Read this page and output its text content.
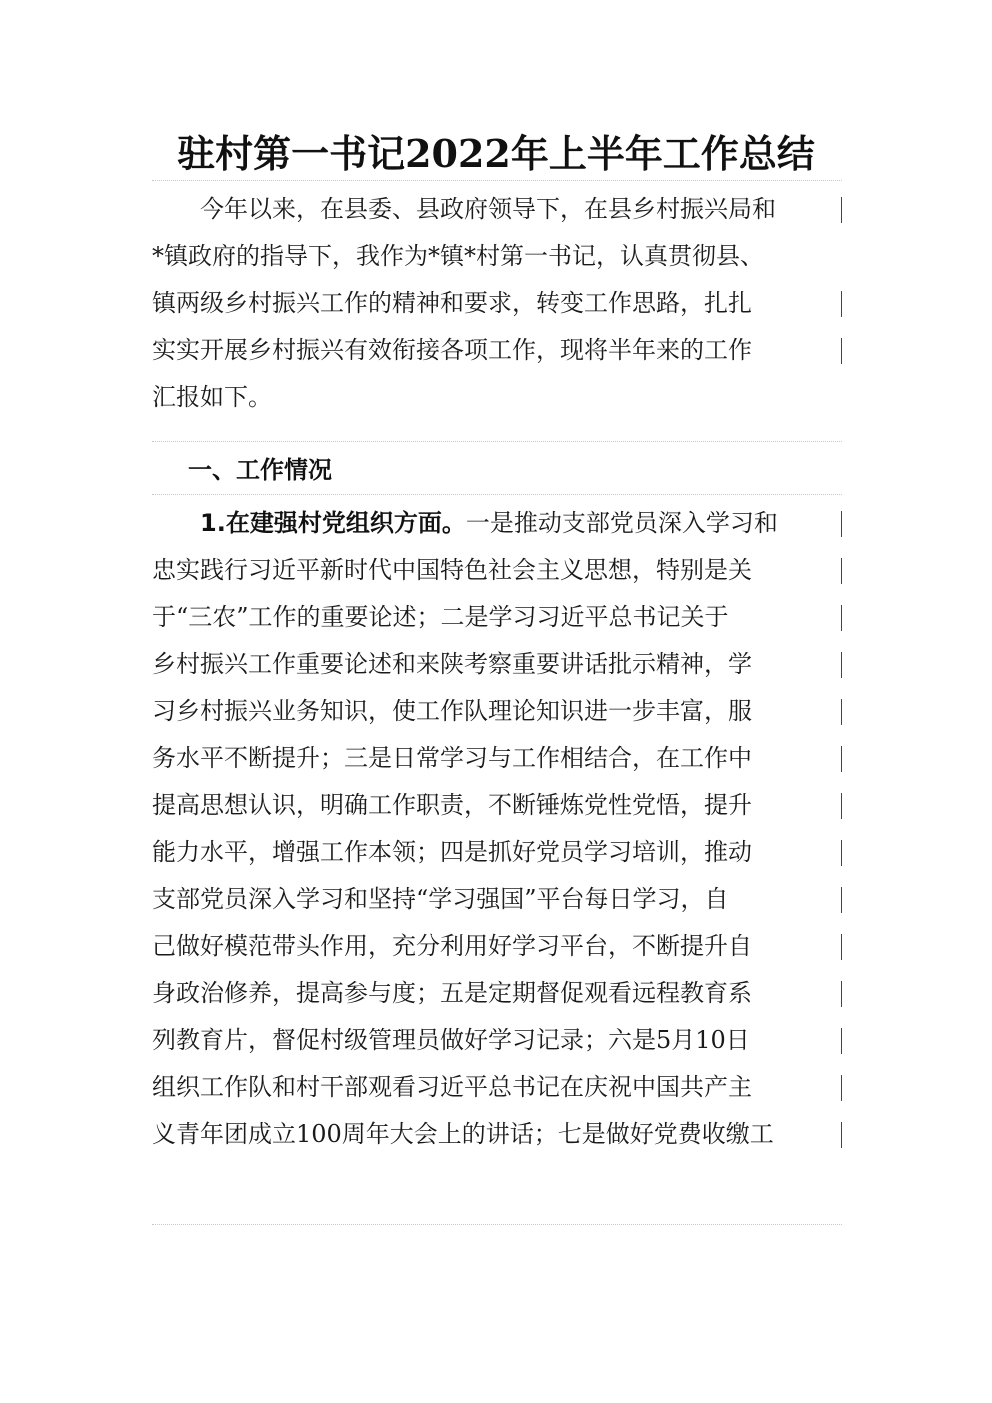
驻村第一书记2022年上半年工作总结
　　今年以来，在县委、县政府领导下，在县乡村振兴局和
*镇政府的指导下，我作为*镇*村第一书记，认真贯彻县、
镇两级乡村振兴工作的精神和要求，转变工作思路，扎扎
实实开展乡村振兴有效衔接各项工作，现将半年来的工作
汇报如下。
一、工作情况
　　1.在建强村党组织方面。一是推动支部党员深入学习和
忠实践行习近平新时代中国特色社会主义思想，特别是关
于“三农”工作的重要论述；二是学习习近平总书记关于
乡村振兴工作重要论述和来陕考察重要讲话批示精神，学
习乡村振兴业务知识，使工作队理论知识进一步丰富，服
务水平不断提升；三是日常学习与工作相结合，在工作中
提高思想认识，明确工作职责，不断锤炼党性党悟，提升
能力水平，增强工作本领；四是抓好党员学习培训，推动
支部党员深入学习和坚持“学习强国”平台每日学习，自
己做好模范带头作用，充分利用好学习平台，不断提升自
身政治修养，提高参与度；五是定期督促观看远程教育系
列教育片，督促村级管理员做好学习记录；六是5月10日
组织工作队和村干部观看习近平总书记在庆祝中国共产主
义青年团成立100周年大会上的讲话；七是做好党费收缴工
